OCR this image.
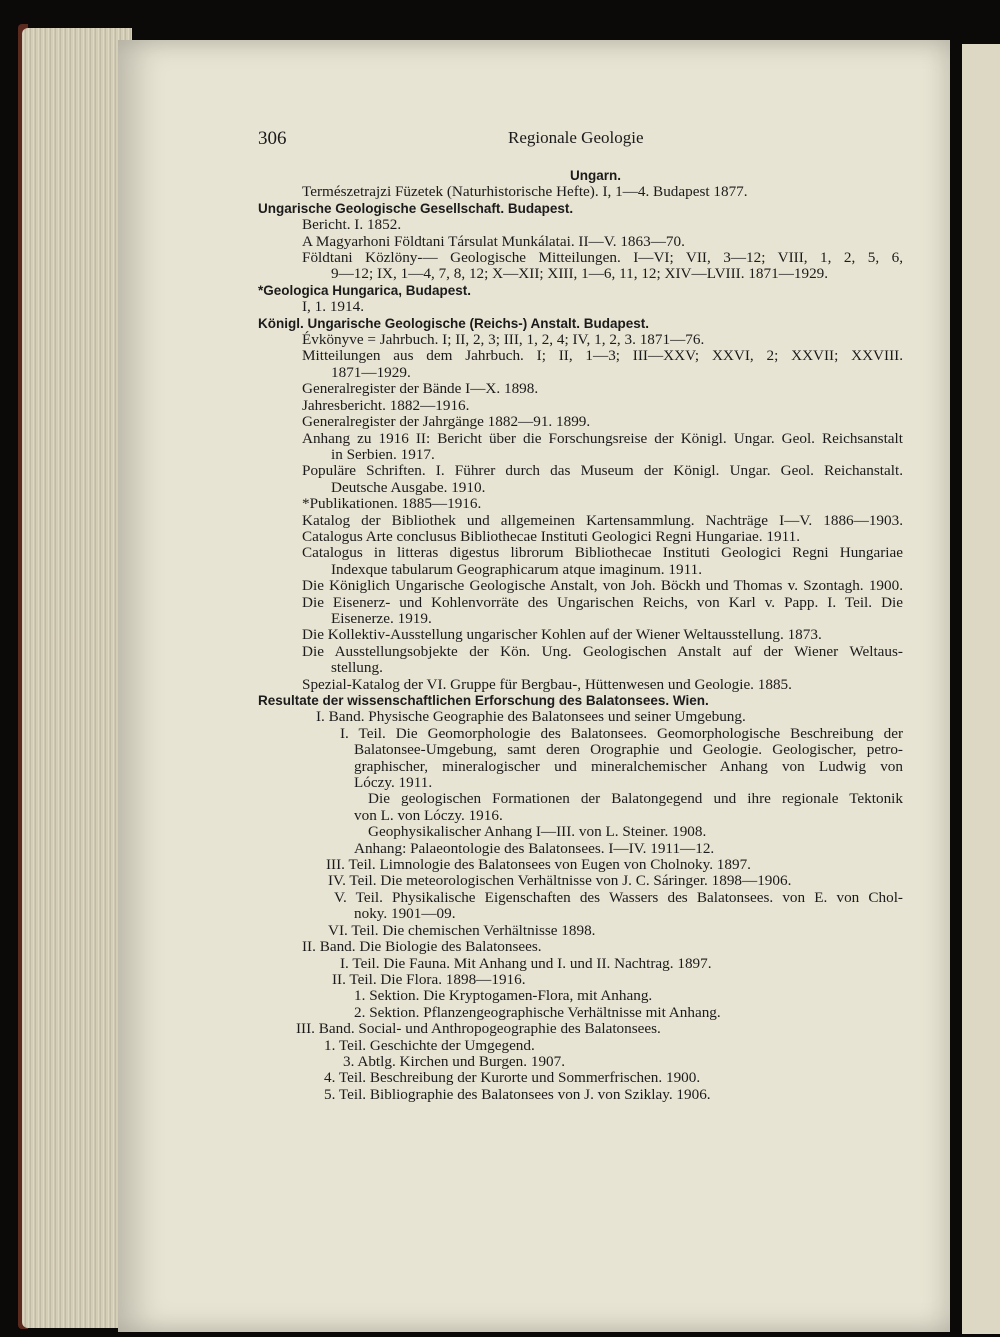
306	Regionale Geologie
Ungarn.
Természetrajzi Füzetek (Naturhistorische Hefte). I, 1—4. Budapest 1877.
Ungarische Geologische Gesellschaft. Budapest.
Bericht. I. 1852.
A Magyarhoni Földtani Társulat Munkálatai. II—V. 1863—70.
Földtani Közlöny-— Geologische Mitteilungen. I—VI; VII, 3—12; VIII, 1, 2, 5, 6,
9—12; IX, 1—4, 7, 8, 12; X—XII; XIII, 1—6, 11, 12; XIV—LVIII. 1871—1929.
*Geologica Hungarica, Budapest.
I, 1. 1914.
Königl. Ungarische Geologische (Reichs-) Anstalt. Budapest.
Évkönyve = Jahrbuch. I; II, 2, 3; III, 1, 2, 4; IV, 1, 2, 3. 1871—76.
Mitteilungen aus dem Jahrbuch. I; II, 1—3; III—XXV; XXVI, 2; XXVII; XXVIII.
1871—1929.
Generalregister der Bände I—X. 1898.
Jahresbericht. 1882—1916.
Generalregister der Jahrgänge 1882—91. 1899.
Anhang zu 1916 II: Bericht über die Forschungsreise der Königl. Ungar. Geol. Reichsanstalt
in Serbien. 1917.
Populäre Schriften. I. Führer durch das Museum der Königl. Ungar. Geol. Reichanstalt.
Deutsche Ausgabe. 1910.
*Publikationen. 1885—1916.
Katalog der Bibliothek und allgemeinen Kartensammlung. Nachträge I—V. 1886—1903.
Catalogus Arte conclusus Bibliothecae Instituti Geologici Regni Hungariae. 1911.
Catalogus in litteras digestus librorum Bibliothecae Instituti Geologici Regni Hungariae
Indexque tabularum Geographicarum atque imaginum. 1911.
Die Königlich Ungarische Geologische Anstalt, von Joh. Böckh und Thomas v. Szontagh. 1900.
Die Eisenerz- und Kohlenvorräte des Ungarischen Reichs, von Karl v. Papp. I. Teil. Die
Eisenerze. 1919.
Die Kollektiv-Ausstellung ungarischer Kohlen auf der Wiener Weltausstellung. 1873.
Die Ausstellungsobjekte der Kön. Ung. Geologischen Anstalt auf der Wiener Weltaus-
stellung.
Spezial-Katalog der VI. Gruppe für Bergbau-, Hüttenwesen und Geologie. 1885.
Resultate der wissenschaftlichen Erforschung des Balatonsees. Wien.
I. Band. Physische Geographie des Balatonsees und seiner Umgebung.
I. Teil. Die Geomorphologie des Balatonsees. Geomorphologische Beschreibung der
Balatonsee-Umgebung, samt deren Orographie und Geologie. Geologischer, petro-
graphischer, mineralogischer und mineralchemischer Anhang von Ludwig von
Lóczy. 1911.
Die geologischen Formationen der Balatongegend und ihre regionale Tektonik
von L. von Lóczy. 1916.
Geophysikalischer Anhang I—III. von L. Steiner. 1908.
Anhang: Palaeontologie des Balatonsees. I—IV. 1911—12.
III. Teil. Limnologie des Balatonsees von Eugen von Cholnoky. 1897.
IV. Teil. Die meteorologischen Verhältnisse von J. C. Sáringer. 1898—1906.
V. Teil. Physikalische Eigenschaften des Wassers des Balatonsees. von E. von Chol-
noky. 1901—09.
VI. Teil. Die chemischen Verhältnisse 1898.
II. Band. Die Biologie des Balatonsees.
I. Teil. Die Fauna. Mit Anhang und I. und II. Nachtrag. 1897.
II. Teil. Die Flora. 1898—1916.
1. Sektion. Die Kryptogamen-Flora, mit Anhang.
2. Sektion. Pflanzengeographische Verhältnisse mit Anhang.
III. Band. Social- und Anthropogeographie des Balatonsees.
1. Teil. Geschichte der Umgegend.
3. Abtlg. Kirchen und Burgen. 1907.
4. Teil. Beschreibung der Kurorte und Sommerfrischen. 1900.
5. Teil. Bibliographie des Balatonsees von J. von Sziklay. 1906.
